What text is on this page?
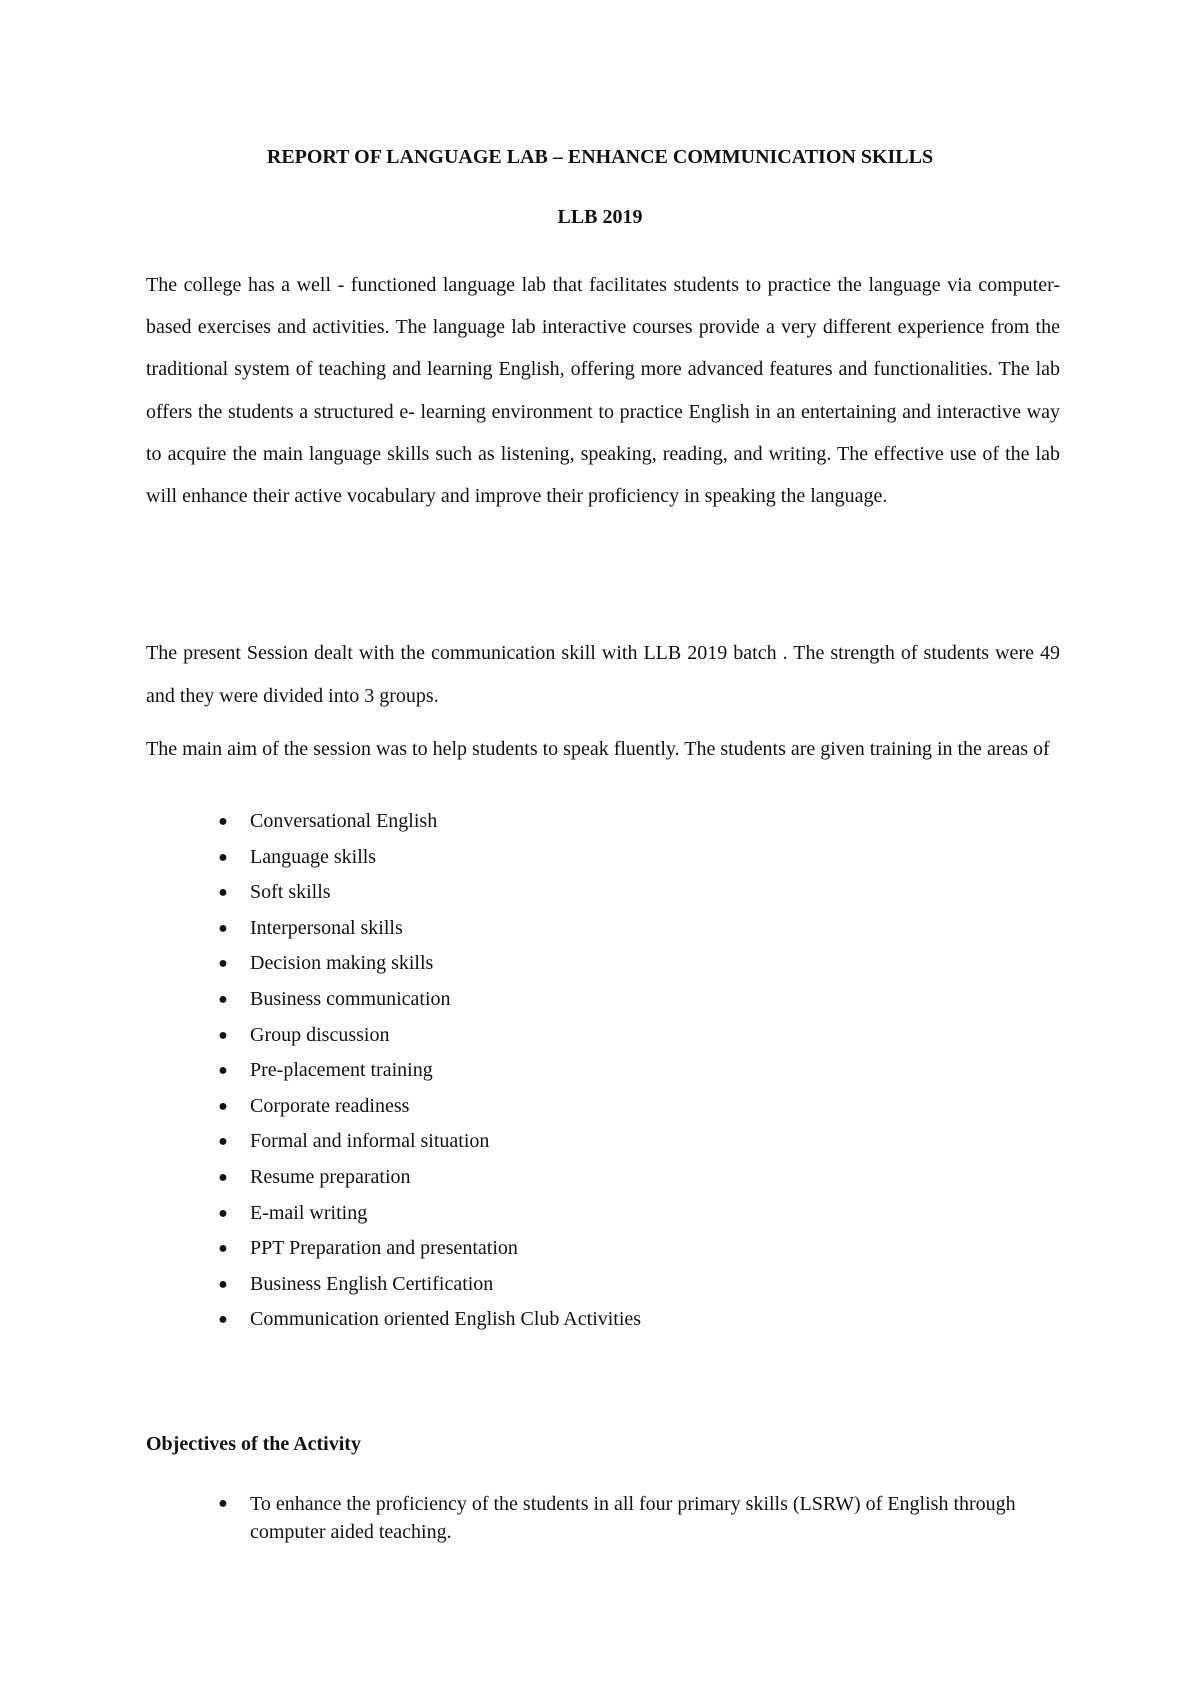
REPORT OF LANGUAGE LAB – ENHANCE COMMUNICATION SKILLS
LLB 2019

The college has a well - functioned language lab that facilitates students to practice the language via computer-based exercises and activities. The language lab interactive courses provide a very different experience from the traditional system of teaching and learning English, offering more advanced features and functionalities. The lab offers the students a structured e- learning environment to practice English in an entertaining and interactive way to acquire the main language skills such as listening, speaking, reading, and writing. The effective use of the lab will enhance their active vocabulary and improve their proficiency in speaking the language.

The present Session dealt with the communication skill with LLB 2019 batch . The strength of students were 49 and they were divided into 3 groups.

The main aim of the session was to help students to speak fluently. The students are given training in the areas of

● Conversational English
● Language skills
● Soft skills
● Interpersonal skills
● Decision making skills
● Business communication
● Group discussion
● Pre-placement training
● Corporate readiness
● Formal and informal situation
● Resume preparation
● E-mail writing
● PPT Preparation and presentation
● Business English Certification
● Communication oriented English Club Activities
Objectives of the Activity
● To enhance the proficiency of the students in all four primary skills (LSRW) of English through computer aided teaching.
